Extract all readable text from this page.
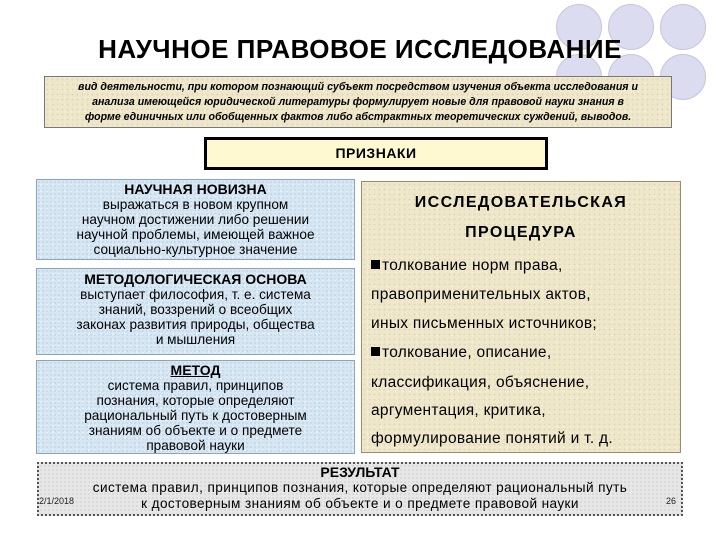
НАУЧНОЕ ПРАВОВОЕ ИССЛЕДОВАНИЕ
вид деятельности, при котором познающий субъект посредством изучения объекта исследования и
анализа имеющейся юридической литературы формулирует новые для правовой науки знания в
форме единичных или обобщенных фактов либо абстрактных теоретических суждений, выводов.
ПРИЗНАКИ
НАУЧНАЯ НОВИЗНА
выражаться в новом крупном
научном достижении либо решении
научной проблемы, имеющей важное
социально-культурное значение
МЕТОДОЛОГИЧЕСКАЯ ОСНОВА
выступает философия, т. е. система
знаний, воззрений о всеобщих
законах развития природы, общества
и мышления
МЕТОД
система правил, принципов
познания, которые определяют
рациональный путь к достоверным
знаниям об объекте и о предмете
правовой науки
ИССЛЕДОВАТЕЛЬСКАЯ
ПРОЦЕДУРА
толкование норм права,
правоприменительных актов,
иных письменных источников;
толкование, описание,
классификация, объяснение,
аргументация, критика,
формулирование понятий и т. д.
РЕЗУЛЬТАТ
система правил, принципов познания, которые определяют рациональный путь
к достоверным знаниям об объекте и о предмете правовой науки
2/1/2018	26
